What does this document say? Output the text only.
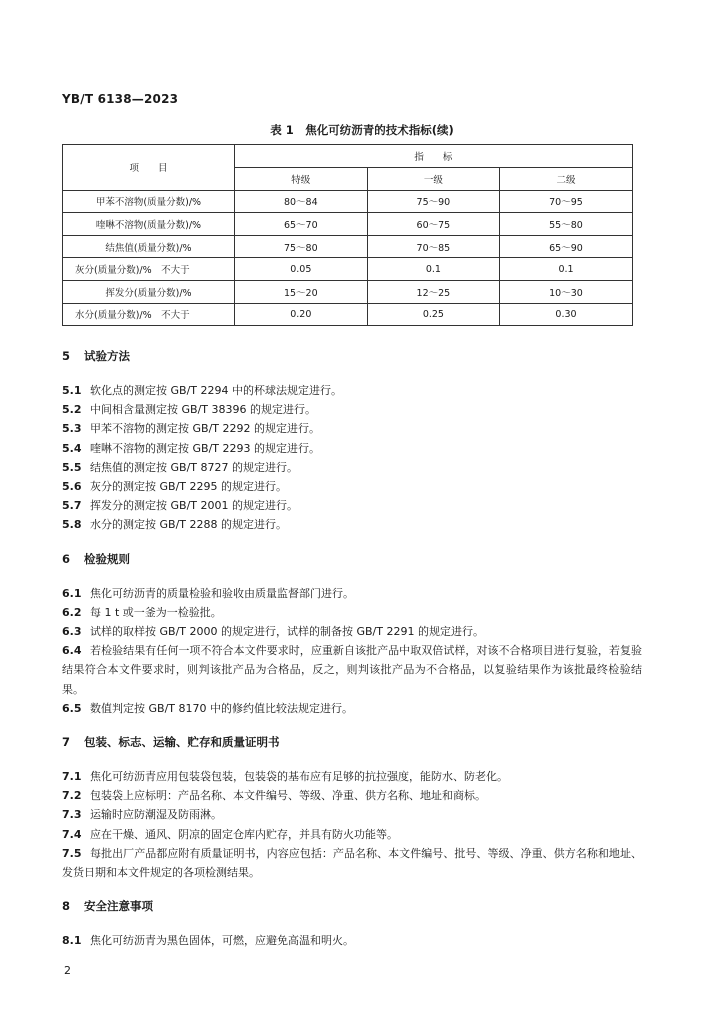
YB/T 6138—2023
表 1　焦化可纺沥青的技术指标(续)
项　　目	指　　标		
	特级	一级	二级
甲苯不溶物(质量分数)/%	80～84	75～90	70～95
喹啉不溶物(质量分数)/%	65～70	60～75	55～80
结焦值(质量分数)/%	75～80	70～85	65～90
灰分(质量分数)/%　不大于	0.05	0.1	0.1
挥发分(质量分数)/%	15～20	12～25	10～30
水分(质量分数)/%　不大于	0.20	0.25	0.30

5 试验方法

5.1 软化点的测定按 GB/T 2294 中的杯球法规定进行。

5.2 中间相含量测定按 GB/T 38396 的规定进行。

5.3 甲苯不溶物的测定按 GB/T 2292 的规定进行。

5.4 喹啉不溶物的测定按 GB/T 2293 的规定进行。

5.5 结焦值的测定按 GB/T 8727 的规定进行。

5.6 灰分的测定按 GB/T 2295 的规定进行。

5.7 挥发分的测定按 GB/T 2001 的规定进行。

5.8 水分的测定按 GB/T 2288 的规定进行。

6 检验规则

6.1 焦化可纺沥青的质量检验和验收由质量监督部门进行。

6.2 每 1 t 或一釜为一检验批。

6.3 试样的取样按 GB/T 2000 的规定进行，试样的制备按 GB/T 2291 的规定进行。

6.4 若检验结果有任何一项不符合本文件要求时，应重新自该批产品中取双倍试样，对该不合格项目进行复验，若复验结果符合本文件要求时，则判该批产品为合格品，反之，则判该批产品为不合格品，以复验结果作为该批最终检验结果。

6.5 数值判定按 GB/T 8170 中的修约值比较法规定进行。

7 包装、标志、运输、贮存和质量证明书

7.1 焦化可纺沥青应用包装袋包装，包装袋的基布应有足够的抗拉强度，能防水、防老化。

7.2 包装袋上应标明：产品名称、本文件编号、等级、净重、供方名称、地址和商标。

7.3 运输时应防潮湿及防雨淋。

7.4 应在干燥、通风、阴凉的固定仓库内贮存，并具有防火功能等。

7.5 每批出厂产品都应附有质量证明书，内容应包括：产品名称、本文件编号、批号、等级、净重、供方名称和地址、发货日期和本文件规定的各项检测结果。

8 安全注意事项

8.1 焦化可纺沥青为黑色固体，可燃，应避免高温和明火。

2
